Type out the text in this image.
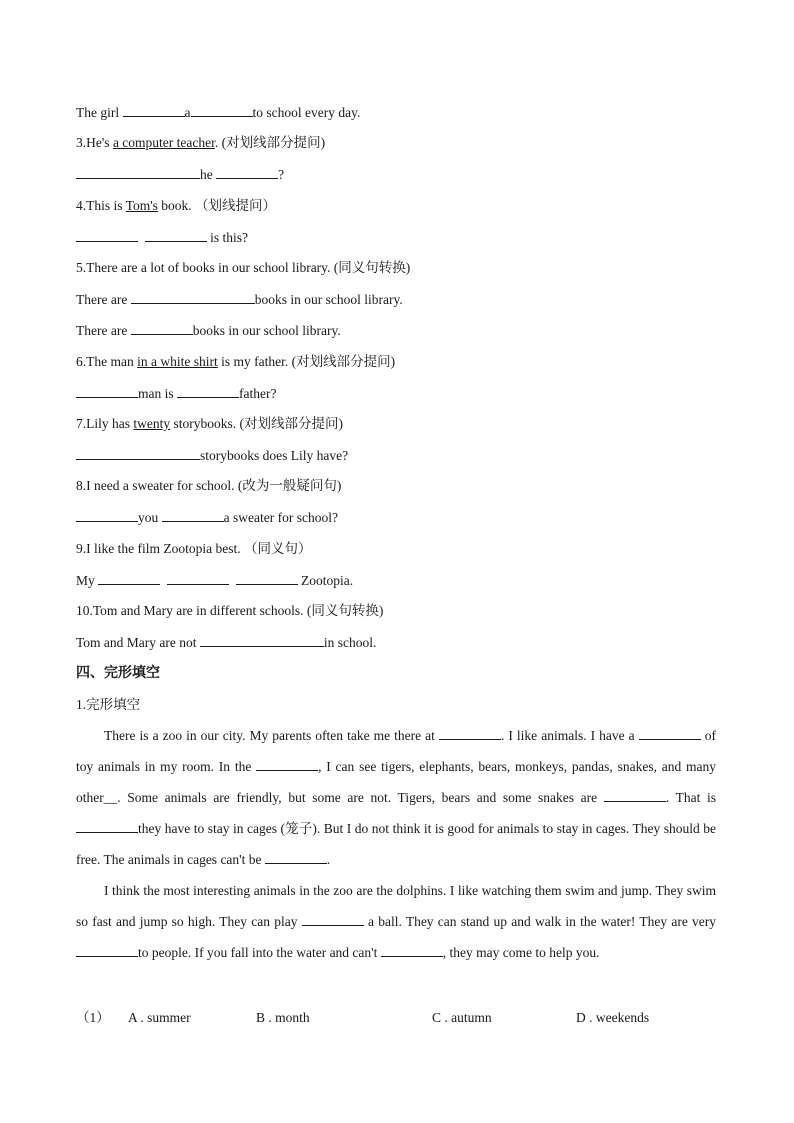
The girl	a	to school every day.
3.He's a computer teacher. (对划线部分提问)
he	?
4.This is Tom's book. （划线提问）
is this?
5.There are a lot of books in our school library. (同义句转换)
There are	books in our school library.
There are	books in our school library.
6.The man in a white shirt is my father. (对划线部分提问)
man is	father?
7.Lily has twenty storybooks. (对划线部分提问)
storybooks does Lily have?
8.I need a sweater for school. (改为一般疑问句)
you	a sweater for school?
9.I like the film Zootopia best. （同义句）
My	Zootopia.
10.Tom and Mary are in different schools. (同义句转换)
Tom and Mary are not	in school.
四、完形填空
1.完形填空

There is a zoo in our city. My parents often take me there at	. I like animals. I have a	of toy animals in my room. In the	, I can see tigers, elephants, bears, monkeys, pandas, snakes, and many other__. Some animals are friendly, but some are not. Tigers, bears and some snakes are	. That is they have to stay in cages (笼子). But I do not think it is good for animals to stay in cages. They should be free. The animals in cages can't be	.

I think the most interesting animals in the zoo are the dolphins. I like watching them swim and jump. They swim so fast and jump so high. They can play	a ball. They can stand up and walk in the water! They are very to people. If you fall into the water and can't	, they may come to help you.

（1） A . summer	B . month	C . autumn	D . weekends
